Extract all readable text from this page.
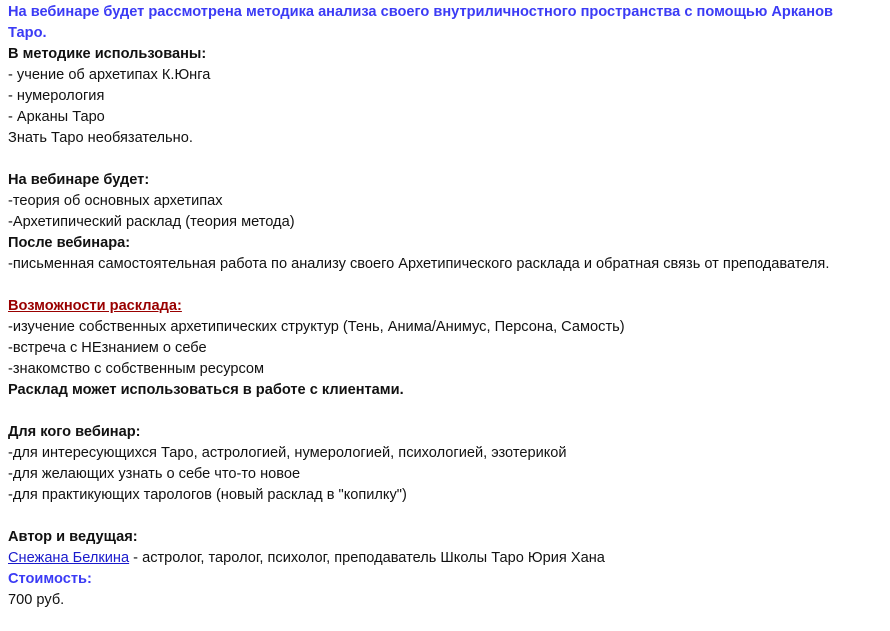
На вебинаре будет рассмотрена методика анализа своего внутриличностного пространства с помощью Арканов
Таро.
В методике использованы:
- учение об архетипах К.Юнга
- нумерология
- Арканы Таро
Знать Таро необязательно.
На вебинаре будет:
-теория об основных архетипах
-Архетипический расклад (теория метода)
После вебинара:
-письменная самостоятельная работа по анализу своего Архетипического расклада и обратная связь от преподавателя.
Возможности расклада:
-изучение собственных архетипических структур (Тень, Анима/Анимус, Персона, Самость)
-встреча с НЕзнанием о себе
-знакомство с собственным ресурсом
Расклад может использоваться в работе с клиентами.
Для кого вебинар:
-для интересующихся Таро, астрологией, нумерологией, психологией, эзотерикой
-для желающих узнать о себе что-то новое
-для практикующих тарологов (новый расклад в "копилку")
Автор и ведущая:
Снежана Белкина - астролог, таролог, психолог, преподаватель Школы Таро Юрия Хана
Стоимость:
700 руб.
